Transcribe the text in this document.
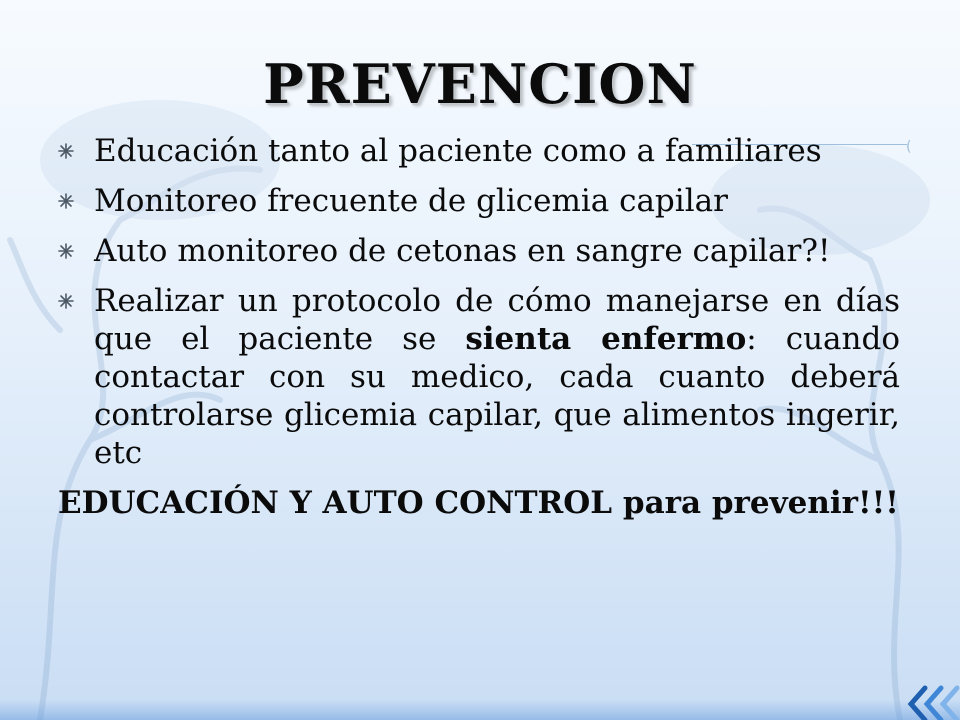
PREVENCION
(
Educación tanto al paciente como a familiares
Monitoreo frecuente de glicemia capilar
Auto monitoreo de cetonas en sangre capilar?!
Realizar un protocolo de cómo manejarse en días que el paciente se sienta enfermo: cuando contactar con su medico, cada cuanto deberá controlarse glicemia capilar, que alimentos ingerir, etc
EDUCACIÓN Y AUTO CONTROL para prevenir!!!
